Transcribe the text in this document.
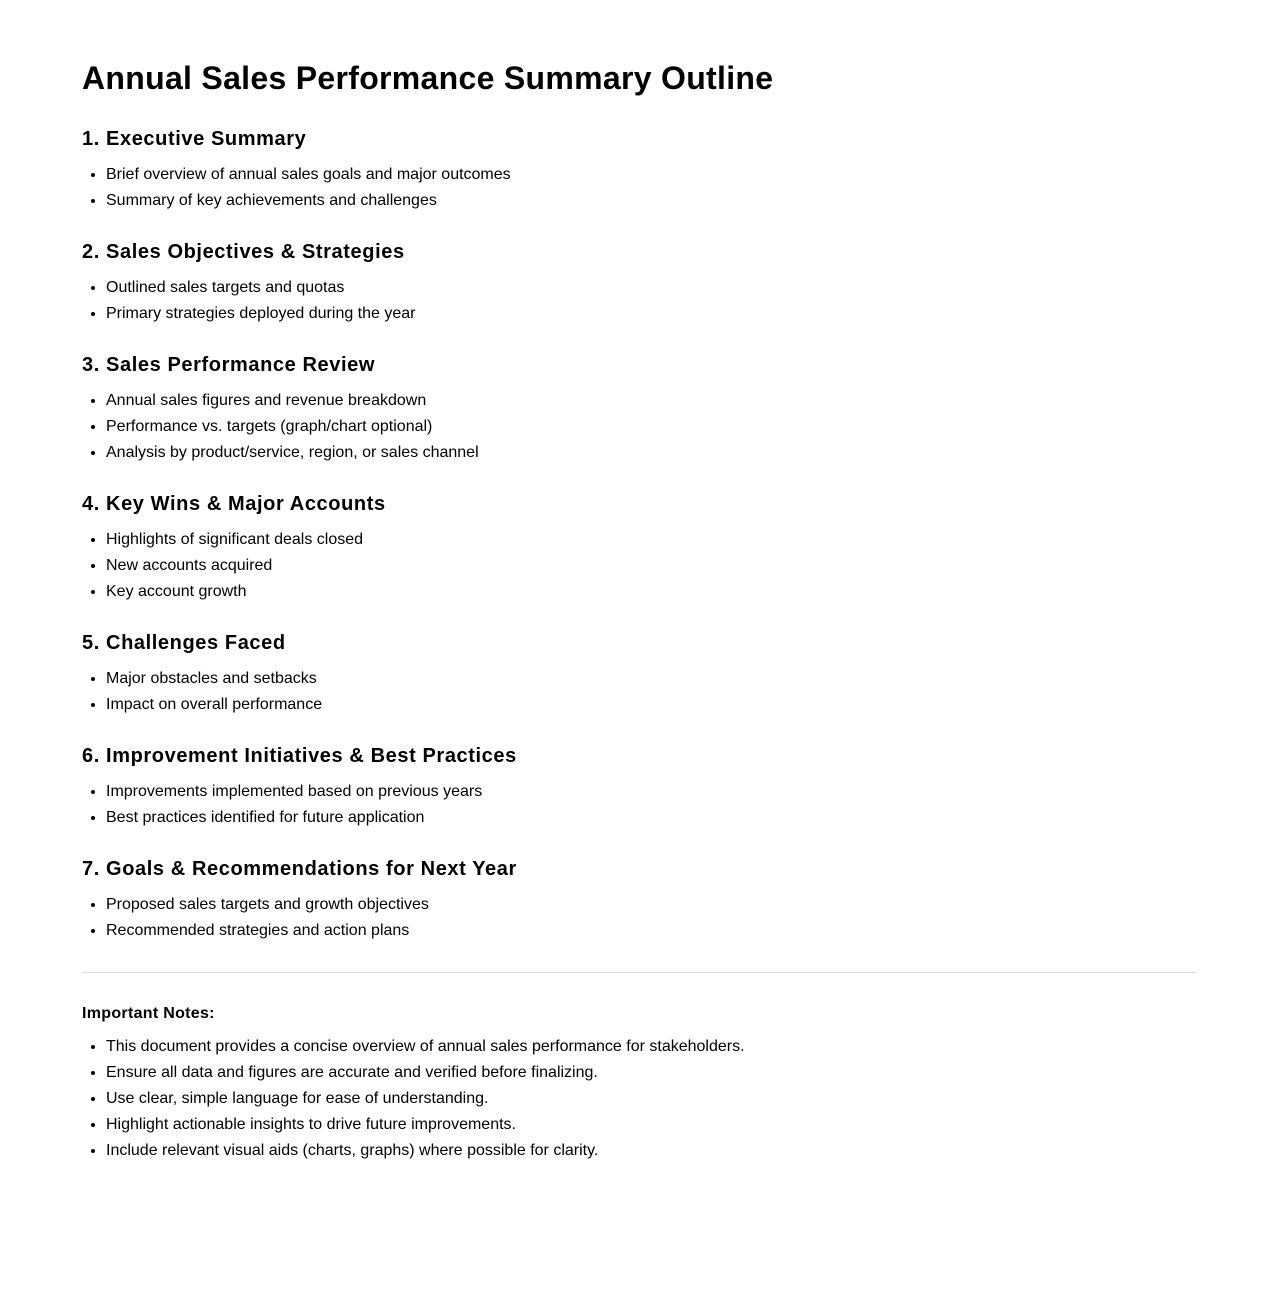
Annual Sales Performance Summary Outline
1. Executive Summary
• Brief overview of annual sales goals and major outcomes
• Summary of key achievements and challenges
2. Sales Objectives & Strategies
• Outlined sales targets and quotas
• Primary strategies deployed during the year
3. Sales Performance Review
• Annual sales figures and revenue breakdown
• Performance vs. targets (graph/chart optional)
• Analysis by product/service, region, or sales channel
4. Key Wins & Major Accounts
• Highlights of significant deals closed
• New accounts acquired
• Key account growth
5. Challenges Faced
• Major obstacles and setbacks
• Impact on overall performance
6. Improvement Initiatives & Best Practices
• Improvements implemented based on previous years
• Best practices identified for future application
7. Goals & Recommendations for Next Year
• Proposed sales targets and growth objectives
• Recommended strategies and action plans

Important Notes:

• This document provides a concise overview of annual sales performance for stakeholders.
• Ensure all data and figures are accurate and verified before finalizing.
• Use clear, simple language for ease of understanding.
• Highlight actionable insights to drive future improvements.
• Include relevant visual aids (charts, graphs) where possible for clarity.
